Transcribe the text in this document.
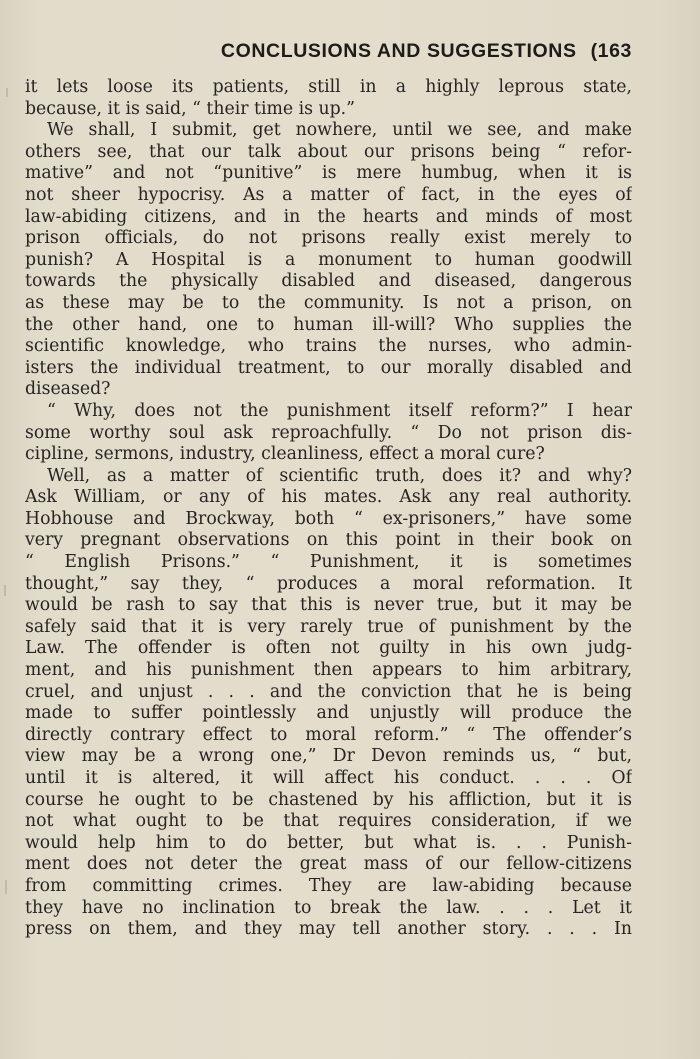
CONCLUSIONS AND SUGGESTIONS (163
it lets loose its patients, still in a highly leprous state,
because, it is said, “ their time is up.”
We shall, I submit, get nowhere, until we see, and make
others see, that our talk about our prisons being “ refor-
mative” and not “punitive” is mere humbug, when it is
not sheer hypocrisy. As a matter of fact, in the eyes of
law-abiding citizens, and in the hearts and minds of most
prison officials, do not prisons really exist merely to
punish? A Hospital is a monument to human goodwill
towards the physically disabled and diseased, dangerous
as these may be to the community. Is not a prison, on
the other hand, one to human ill-will? Who supplies the
scientific knowledge, who trains the nurses, who admin-
isters the individual treatment, to our morally disabled and
diseased?
“ Why, does not the punishment itself reform?” I hear
some worthy soul ask reproachfully. “ Do not prison dis-
cipline, sermons, industry, cleanliness, effect a moral cure?
Well, as a matter of scientific truth, does it? and why?
Ask William, or any of his mates. Ask any real authority.
Hobhouse and Brockway, both “ ex-prisoners,” have some
very pregnant observations on this point in their book on
“ English Prisons.” “ Punishment, it is sometimes
thought,” say they, “ produces a moral reformation. It
would be rash to say that this is never true, but it may be
safely said that it is very rarely true of punishment by the
Law. The offender is often not guilty in his own judg-
ment, and his punishment then appears to him arbitrary,
cruel, and unjust . . . and the conviction that he is being
made to suffer pointlessly and unjustly will produce the
directly contrary effect to moral reform.” “ The offender’s
view may be a wrong one,” Dr Devon reminds us, “ but,
until it is altered, it will affect his conduct. . . . Of
course he ought to be chastened by his affliction, but it is
not what ought to be that requires consideration, if we
would help him to do better, but what is. . . Punish-
ment does not deter the great mass of our fellow-citizens
from committing crimes. They are law-abiding because
they have no inclination to break the law. . . . Let it
press on them, and they may tell another story. . . . In
